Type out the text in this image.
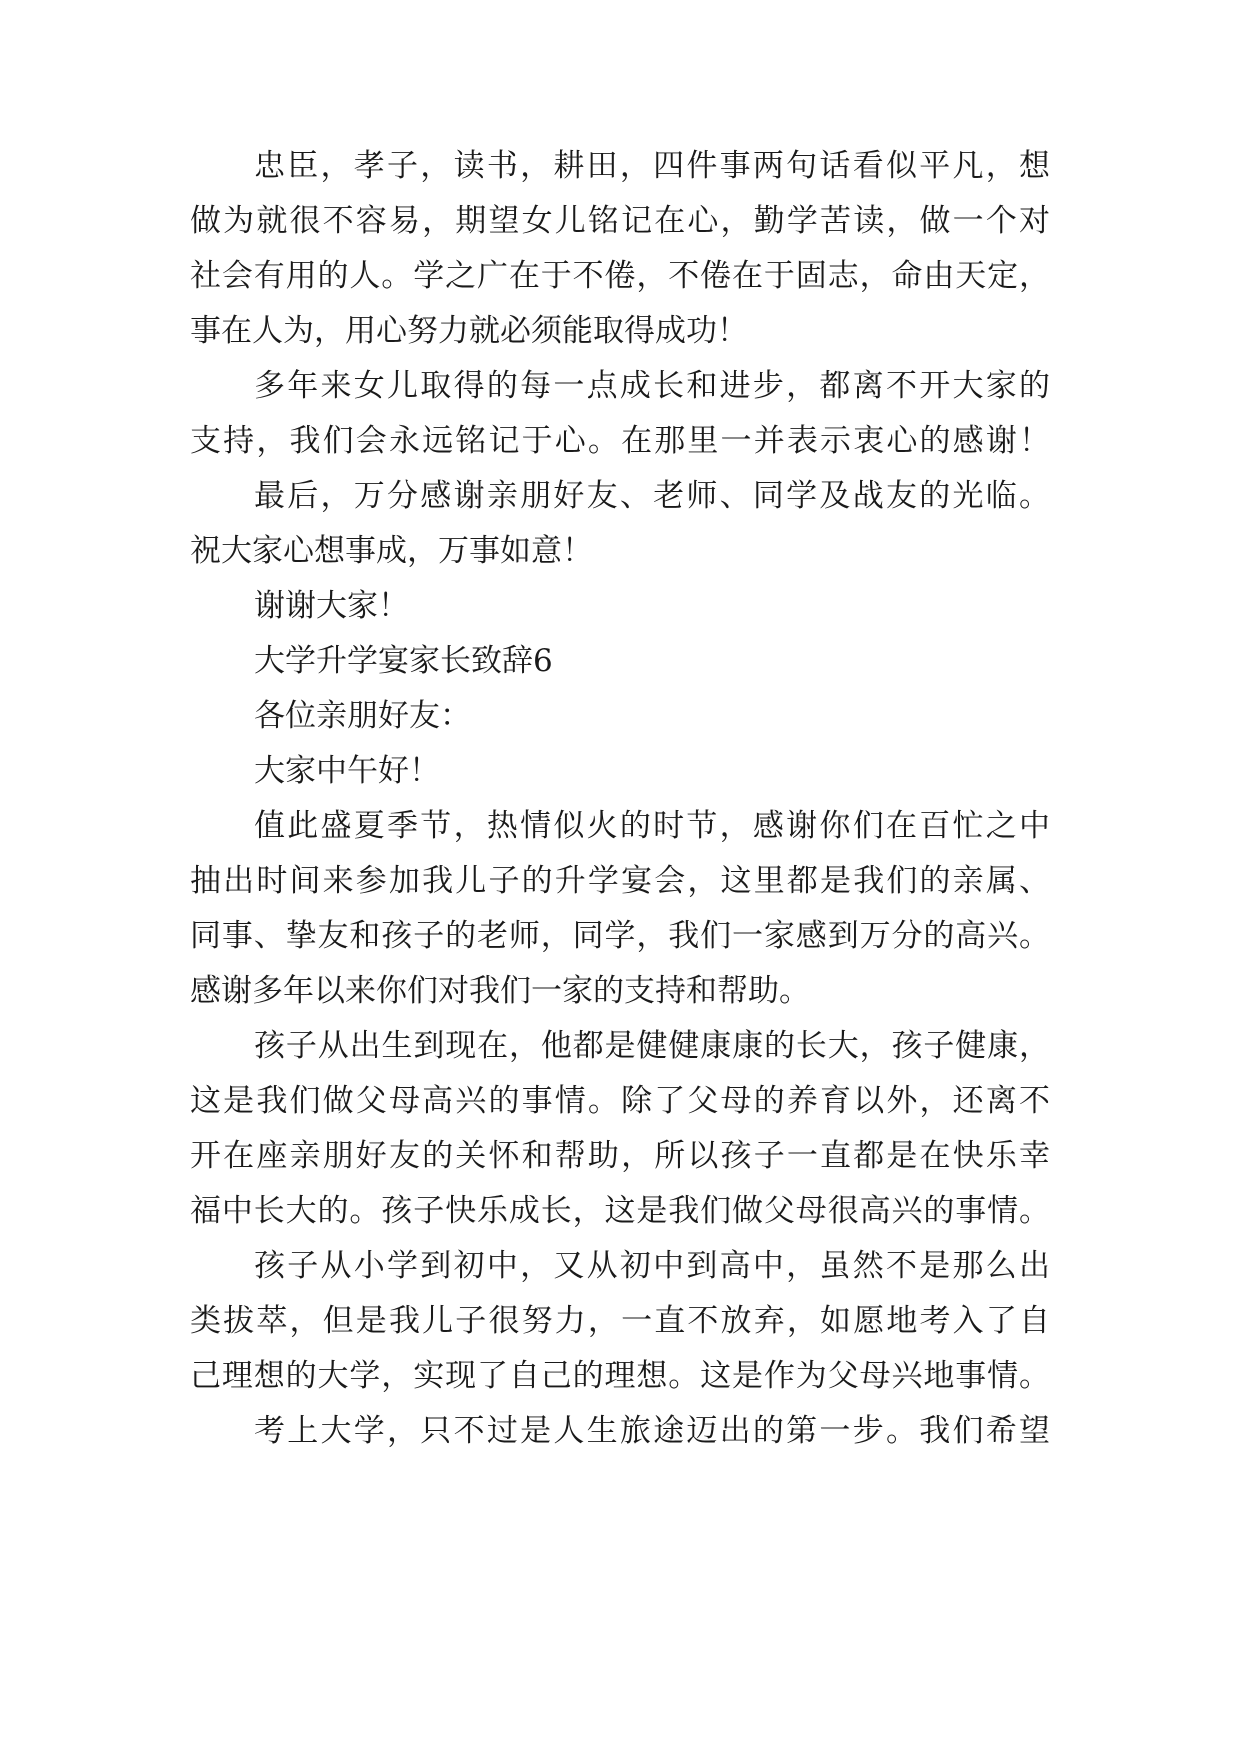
忠臣，孝子，读书，耕田，四件事两句话看似平凡，想
做为就很不容易，期望女儿铭记在心，勤学苦读，做一个对
社会有用的人。学之广在于不倦，不倦在于固志，命由天定，
事在人为，用心努力就必须能取得成功！
多年来女儿取得的每一点成长和进步，都离不开大家的
支持，我们会永远铭记于心。在那里一并表示衷心的感谢！
最后，万分感谢亲朋好友、老师、同学及战友的光临。
祝大家心想事成，万事如意！
谢谢大家！
大学升学宴家长致辞6
各位亲朋好友：
大家中午好！
值此盛夏季节，热情似火的时节，感谢你们在百忙之中
抽出时间来参加我儿子的升学宴会，这里都是我们的亲属、
同事、挚友和孩子的老师，同学，我们一家感到万分的高兴。
感谢多年以来你们对我们一家的支持和帮助。
孩子从出生到现在，他都是健健康康的长大，孩子健康，
这是我们做父母高兴的事情。除了父母的养育以外，还离不
开在座亲朋好友的关怀和帮助，所以孩子一直都是在快乐幸
福中长大的。孩子快乐成长，这是我们做父母很高兴的事情。
孩子从小学到初中，又从初中到高中，虽然不是那么出
类拔萃，但是我儿子很努力，一直不放弃，如愿地考入了自
己理想的大学，实现了自己的理想。这是作为父母兴地事情。
考上大学，只不过是人生旅途迈出的第一步。我们希望
